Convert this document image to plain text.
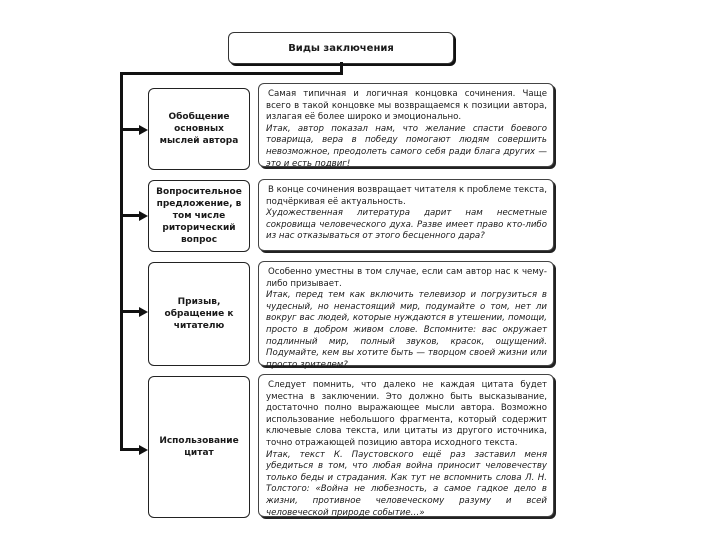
Виды заключения
Обобщение основных мыслей автора
Самая типичная и логичная концовка сочинения. Чаще всего в такой концовке мы возвращаемся к позиции автора, излагая её более широко и эмоционально.
Итак, автор показал нам, что желание спасти боевого товарища, вера в победу помогают людям совершить невозможное, преодолеть самого себя ради блага других — это и есть подвиг!
Вопросительное предложение, в том числе риторический вопрос
В конце сочинения возвращает читателя к проблеме текста, подчёркивая её актуальность.
Художественная литература дарит нам несметные сокровища человеческого духа. Разве имеет право кто-либо из нас отказываться от этого бесценного дара?
Призыв, обращение к читателю
Особенно уместны в том случае, если сам автор нас к чему-либо призывает.
Итак, перед тем как включить телевизор и погрузиться в чудесный, но ненастоящий мир, подумайте о том, нет ли вокруг вас людей, которые нуждаются в утешении, помощи, просто в добром живом слове. Вспомните: вас окружает подлинный мир, полный звуков, красок, ощущений. Подумайте, кем вы хотите быть — творцом своей жизни или просто зрителем?
Использование цитат
Следует помнить, что далеко не каждая цитата будет уместна в заключении. Это должно быть высказывание, достаточно полно выражающее мысли автора. Возможно использование небольшого фрагмента, который содержит ключевые слова текста, или цитаты из другого источника, точно отражающей позицию автора исходного текста.
Итак, текст К. Паустовского ещё раз заставил меня убедиться в том, что любая война приносит человечеству только беды и страдания. Как тут не вспомнить слова Л. Н. Толстого: «Война не любезность, а самое гадкое дело в жизни, противное человеческому разуму и всей человеческой природе событие…»
